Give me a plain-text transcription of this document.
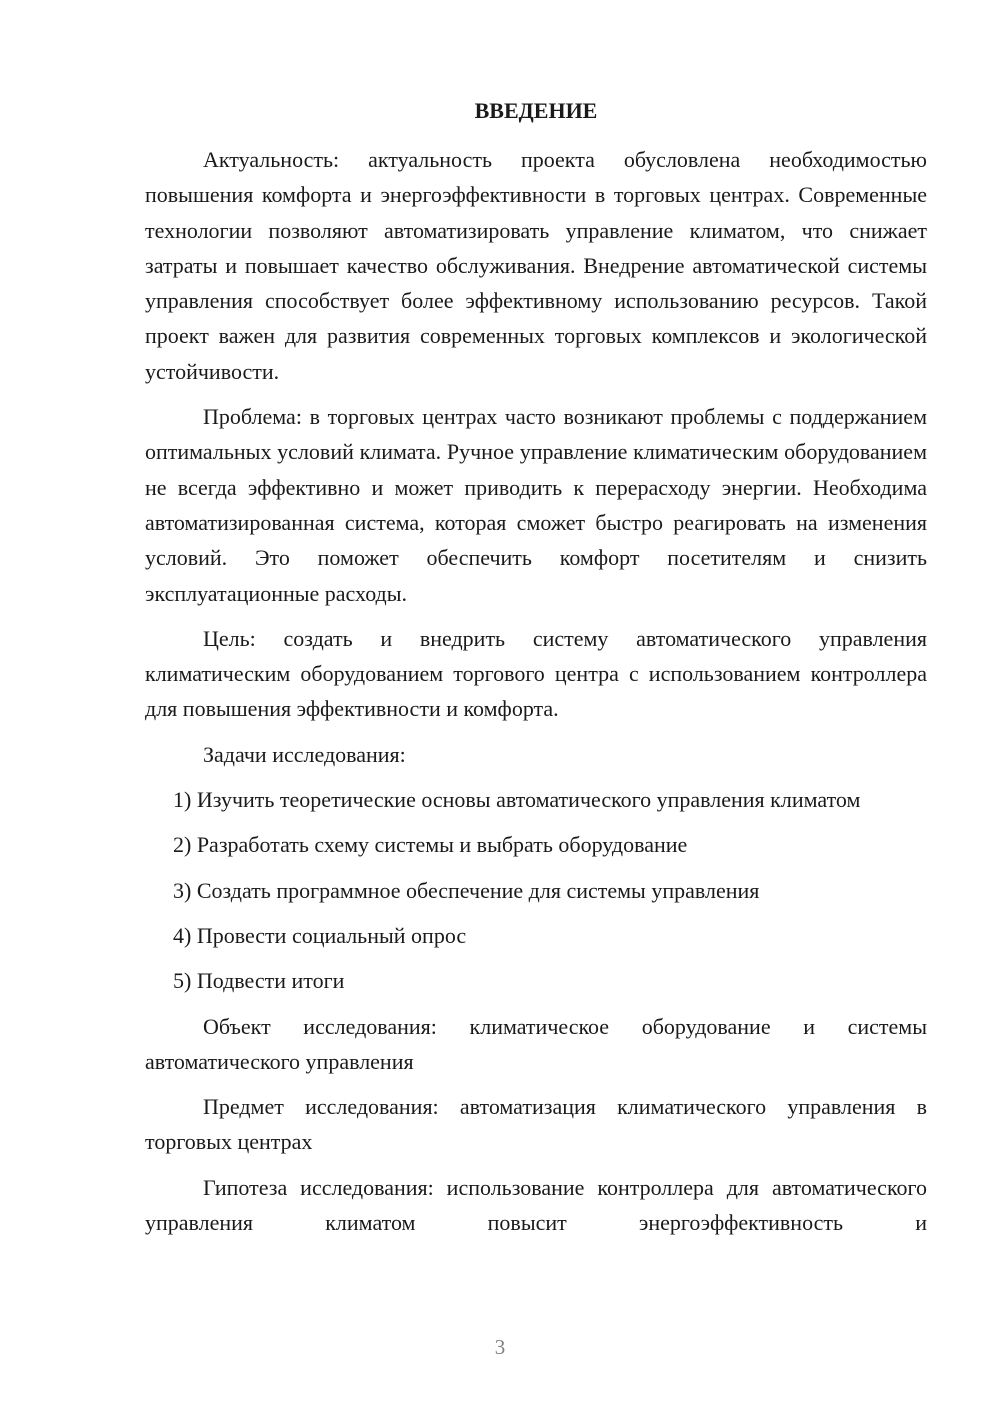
ВВЕДЕНИЕ

Актуальность: актуальность проекта обусловлена необходимостью повышения комфорта и энергоэффективности в торговых центрах. Современные технологии позволяют автоматизировать управление климатом, что снижает затраты и повышает качество обслуживания. Внедрение автоматической системы управления способствует более эффективному использованию ресурсов. Такой проект важен для развития современных торговых комплексов и экологической устойчивости.

Проблема: в торговых центрах часто возникают проблемы с поддержанием оптимальных условий климата. Ручное управление климатическим оборудованием не всегда эффективно и может приводить к перерасходу энергии. Необходима автоматизированная система, которая сможет быстро реагировать на изменения условий. Это поможет обеспечить комфорт посетителям и снизить эксплуатационные расходы.

Цель: создать и внедрить систему автоматического управления климатическим оборудованием торгового центра с использованием контроллера для повышения эффективности и комфорта.

Задачи исследования:

1) Изучить теоретические основы автоматического управления климатом

2) Разработать схему системы и выбрать оборудование

3) Создать программное обеспечение для системы управления

4) Провести социальный опрос

5) Подвести итоги

Объект исследования: климатическое оборудование и системы автоматического управления

Предмет исследования: автоматизация климатического управления в торговых центрах

Гипотеза исследования: использование контроллера для автоматического управления климатом повысит энергоэффективность и

3
